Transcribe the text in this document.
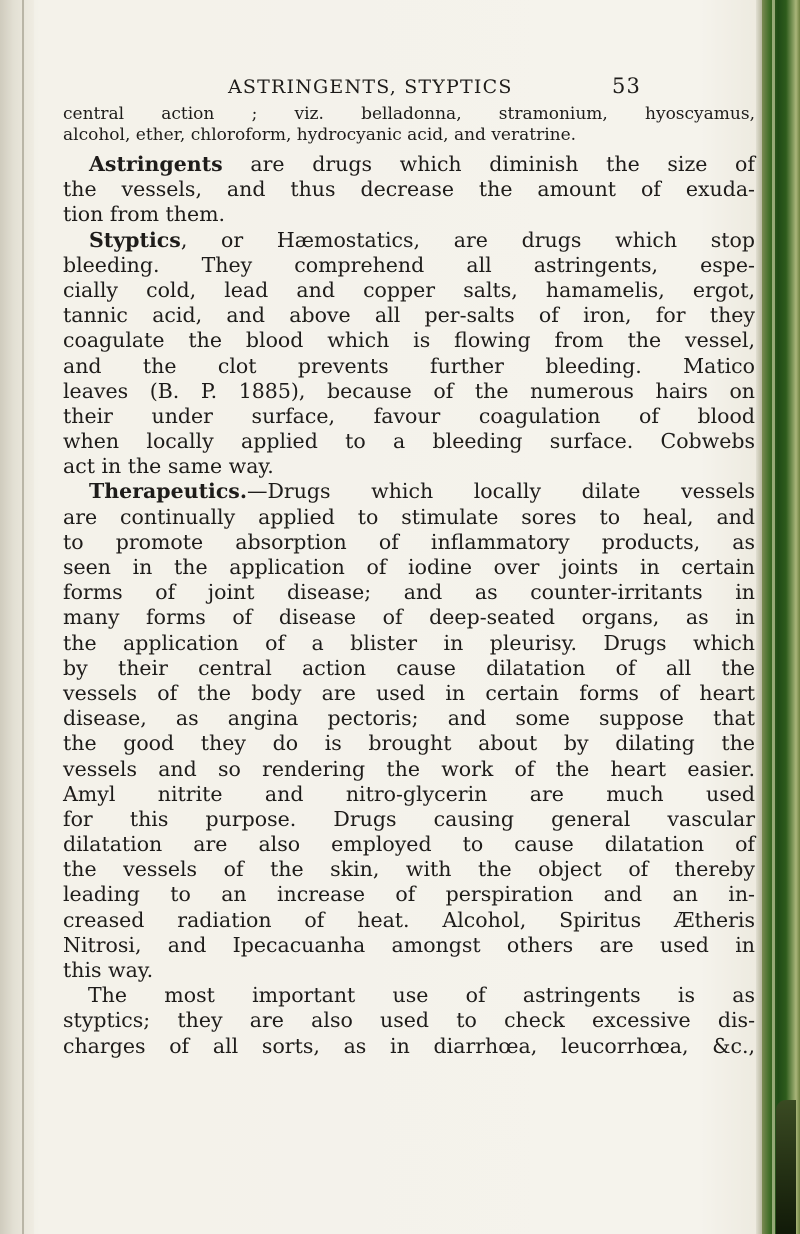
ASTRINGENTS, STYPTICS	53
central action ; viz. belladonna, stramonium, hyoscyamus,
alcohol, ether, chloroform, hydrocyanic acid, and veratrine.
Astringents are drugs which diminish the size of
the vessels, and thus decrease the amount of exuda-
tion from them.
Styptics, or Hæmostatics, are drugs which stop
bleeding. They comprehend all astringents, espe-
cially cold, lead and copper salts, hamamelis, ergot,
tannic acid, and above all per-salts of iron, for they
coagulate the blood which is flowing from the vessel,
and the clot prevents further bleeding. Matico
leaves (B. P. 1885), because of the numerous hairs on
their under surface, favour coagulation of blood
when locally applied to a bleeding surface. Cobwebs
act in the same way.
Therapeutics.—Drugs which locally dilate vessels
are continually applied to stimulate sores to heal, and
to promote absorption of inflammatory products, as
seen in the application of iodine over joints in certain
forms of joint disease; and as counter-irritants in
many forms of disease of deep-seated organs, as in
the application of a blister in pleurisy. Drugs which
by their central action cause dilatation of all the
vessels of the body are used in certain forms of heart
disease, as angina pectoris; and some suppose that
the good they do is brought about by dilating the
vessels and so rendering the work of the heart easier.
Amyl nitrite and nitro-glycerin are much used
for this purpose. Drugs causing general vascular
dilatation are also employed to cause dilatation of
the vessels of the skin, with the object of thereby
leading to an increase of perspiration and an in-
creased radiation of heat. Alcohol, Spiritus Ætheris
Nitrosi, and Ipecacuanha amongst others are used in
this way.
The most important use of astringents is as
styptics; they are also used to check excessive dis-
charges of all sorts, as in diarrhœa, leucorrhœa, &c.,
